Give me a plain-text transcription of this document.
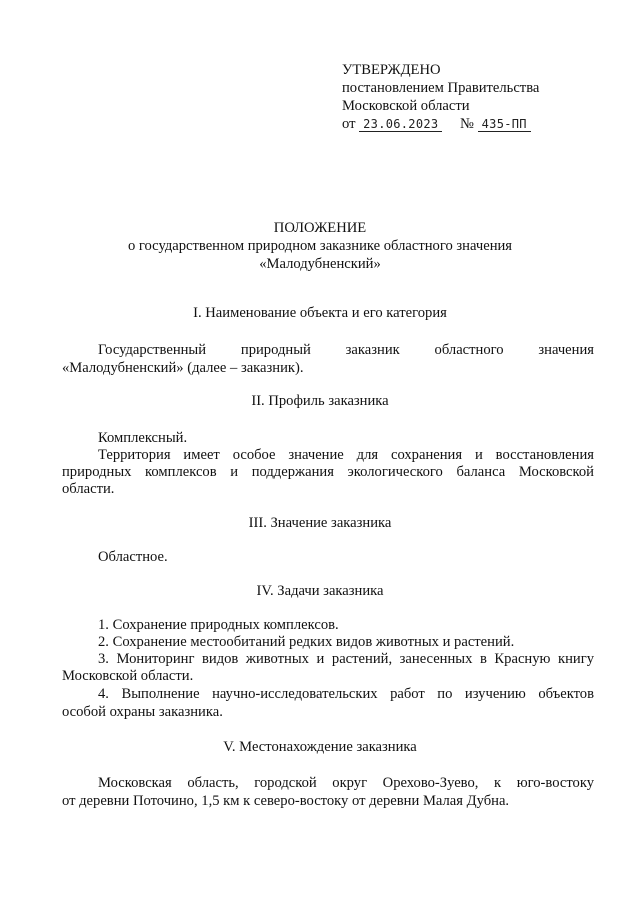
УТВЕРЖДЕНО
постановлением Правительства
Московской области
от 23.06.2023 № 435-ПП
ПОЛОЖЕНИЕ
о государственном природном заказнике областного значения
«Малодубненский»
I. Наименование объекта и его категория
Государственный природный заказник областного значения
«Малодубненский» (далее – заказник).
II. Профиль заказника
Комплексный.
Территория имеет особое значение для сохранения и восстановления
природных комплексов и поддержания экологического баланса Московской
области.
III. Значение заказника
Областное.
IV. Задачи заказника
1. Сохранение природных комплексов.
2. Сохранение местообитаний редких видов животных и растений.
3. Мониторинг видов животных и растений, занесенных в Красную книгу
Московской области.
4. Выполнение научно-исследовательских работ по изучению объектов
особой охраны заказника.
V. Местонахождение заказника
Московская область, городской округ Орехово-Зуево, к юго-востоку
от деревни Поточино, 1,5 км к северо-востоку от деревни Малая Дубна.
